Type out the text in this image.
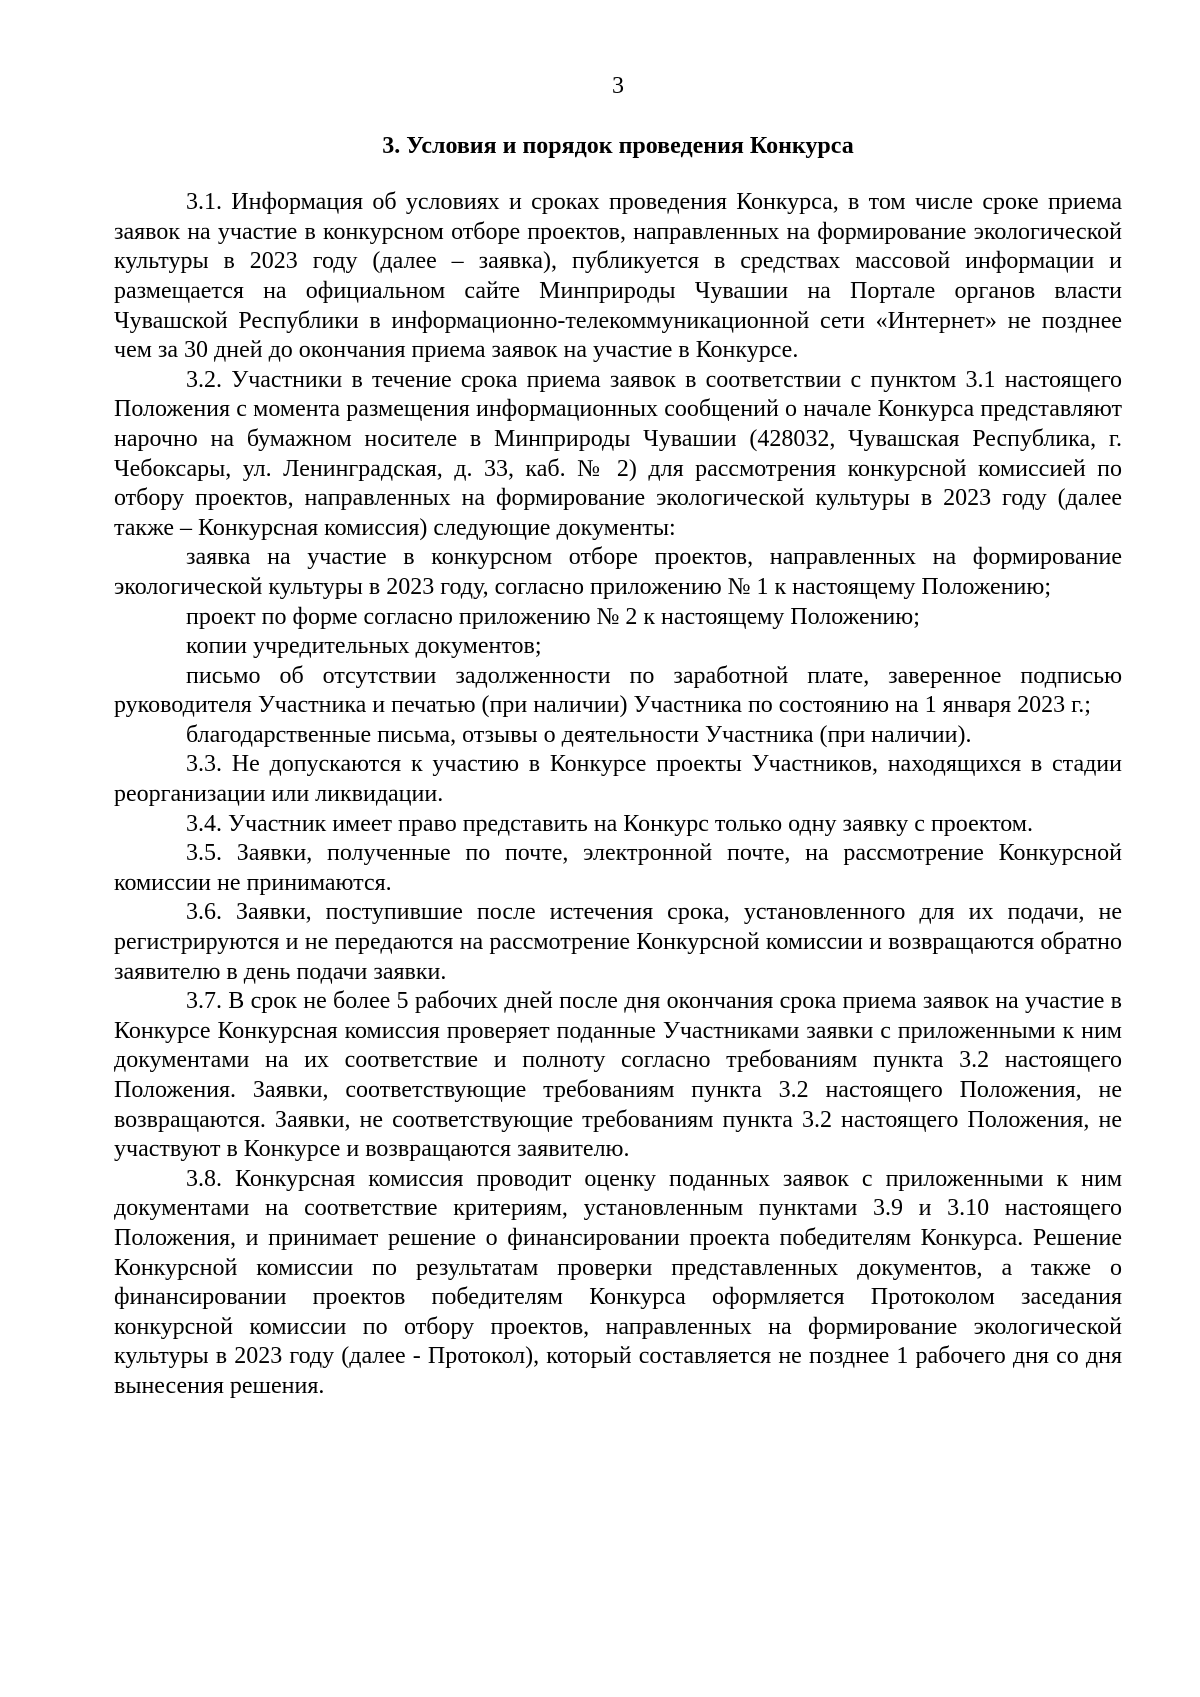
3
3. Условия и порядок проведения Конкурса

3.1. Информация об условиях и сроках проведения Конкурса, в том числе сроке приема заявок на участие в конкурсном отборе проектов, направленных на формирование экологической культуры в 2023 году (далее – заявка), публикуется в средствах массовой информации и размещается на официальном сайте Минприроды Чувашии на Портале органов власти Чувашской Республики в информационно-телекоммуникационной сети «Интернет» не позднее чем за 30 дней до окончания приема заявок на участие в Конкурсе.

3.2. Участники в течение срока приема заявок в соответствии с пунктом 3.1 настоящего Положения с момента размещения информационных сообщений о начале Конкурса представляют нарочно на бумажном носителе в Минприроды Чувашии (428032, Чувашская Республика, г. Чебоксары, ул. Ленинградская, д. 33, каб. № 2) для рассмотрения конкурсной комиссией по отбору проектов, направленных на формирование экологической культуры в 2023 году (далее также – Конкурсная комиссия) следующие документы:

заявка на участие в конкурсном отборе проектов, направленных на формирование экологической культуры в 2023 году, согласно приложению № 1 к настоящему Положению;

проект по форме согласно приложению № 2 к настоящему Положению;

копии учредительных документов;

письмо об отсутствии задолженности по заработной плате, заверенное подписью руководителя Участника и печатью (при наличии) Участника по состоянию на 1 января 2023 г.;

благодарственные письма, отзывы о деятельности Участника (при наличии).

3.3. Не допускаются к участию в Конкурсе проекты Участников, находящихся в стадии реорганизации или ликвидации.

3.4. Участник имеет право представить на Конкурс только одну заявку с проектом.

3.5. Заявки, полученные по почте, электронной почте, на рассмотрение Конкурсной комиссии не принимаются.

3.6. Заявки, поступившие после истечения срока, установленного для их подачи, не регистрируются и не передаются на рассмотрение Конкурсной комиссии и возвращаются обратно заявителю в день подачи заявки.

3.7. В срок не более 5 рабочих дней после дня окончания срока приема заявок на участие в Конкурсе Конкурсная комиссия проверяет поданные Участниками заявки с приложенными к ним документами на их соответствие и полноту согласно требованиям пункта 3.2 настоящего Положения. Заявки, соответствующие требованиям пункта 3.2 настоящего Положения, не возвращаются. Заявки, не соответствующие требованиям пункта 3.2 настоящего Положения, не участвуют в Конкурсе и возвращаются заявителю.

3.8. Конкурсная комиссия проводит оценку поданных заявок с приложенными к ним документами на соответствие критериям, установленным пунктами 3.9 и 3.10 настоящего Положения, и принимает решение о финансировании проекта победителям Конкурса. Решение Конкурсной комиссии по результатам проверки представленных документов, а также о финансировании проектов победителям Конкурса оформляется Протоколом заседания конкурсной комиссии по отбору проектов, направленных на формирование экологической культуры в 2023 году (далее - Протокол), который составляется не позднее 1 рабочего дня со дня вынесения решения.
